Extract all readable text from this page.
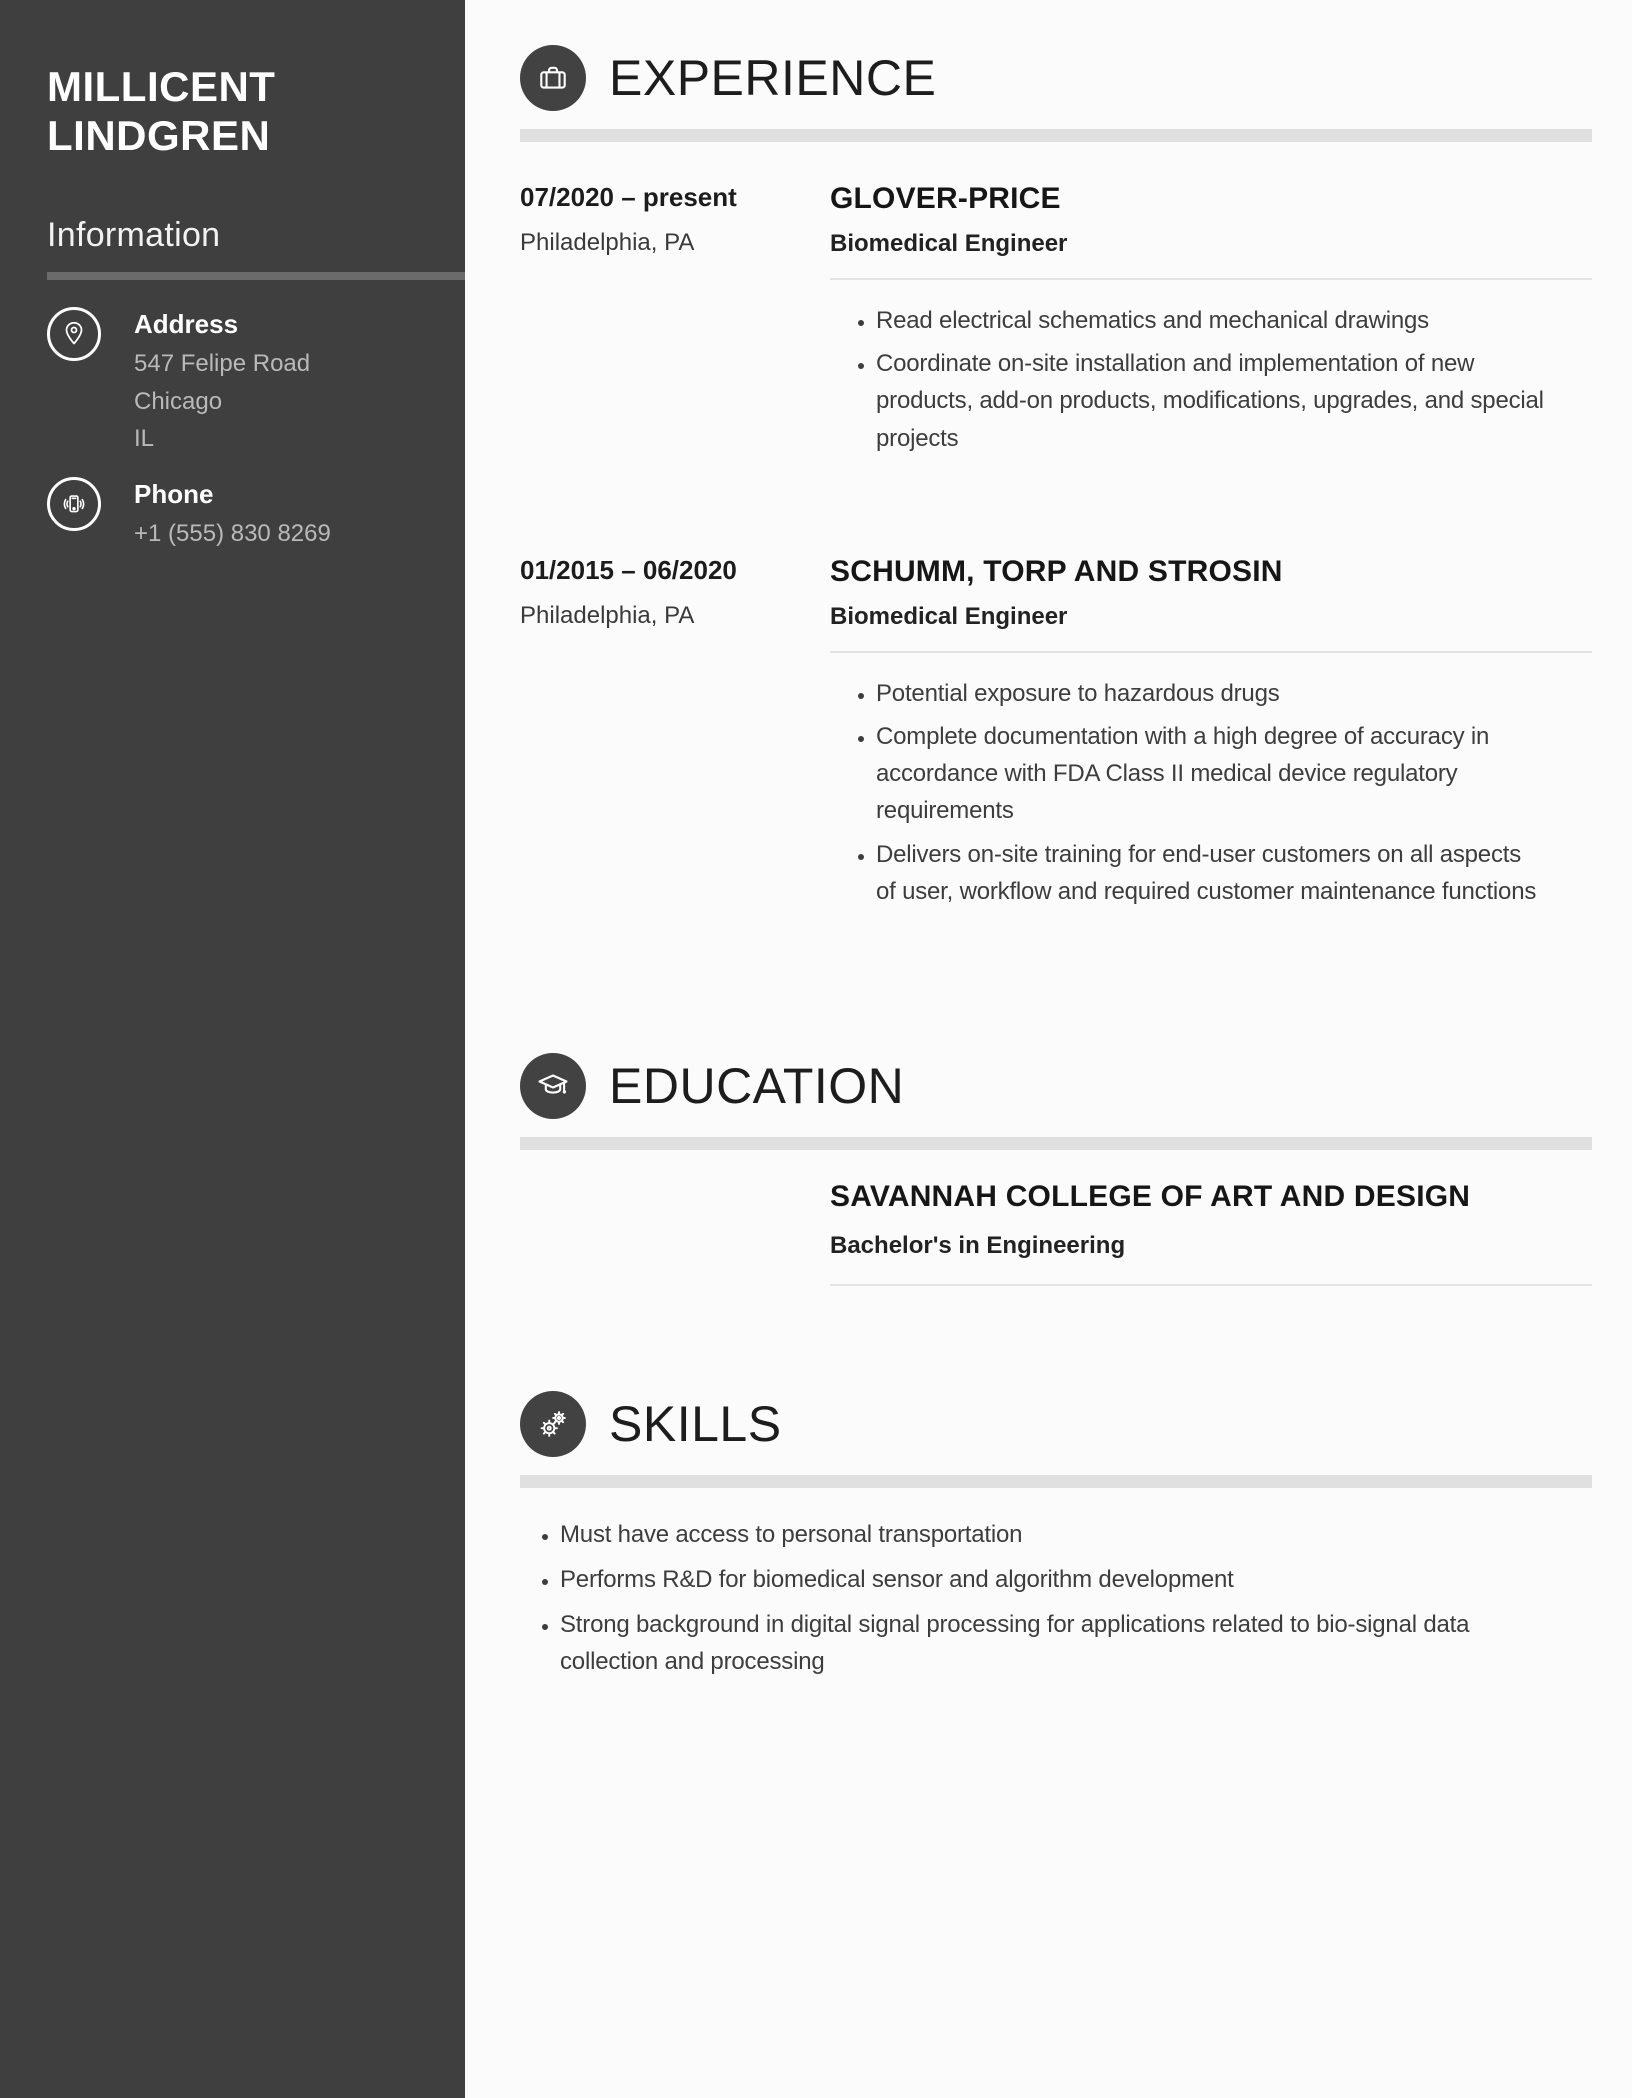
MILLICENT
LINDGREN
Information
Address
547 Felipe Road
Chicago
IL
Phone
+1 (555) 830 8269
EXPERIENCE
07/2020 – present
Philadelphia, PA
GLOVER-PRICE
Biomedical Engineer
• Read electrical schematics and mechanical drawings
• Coordinate on-site installation and implementation of new products, add-on products, modifications, upgrades, and special projects
01/2015 – 06/2020
Philadelphia, PA
SCHUMM, TORP AND STROSIN
Biomedical Engineer
• Potential exposure to hazardous drugs
• Complete documentation with a high degree of accuracy in accordance with FDA Class II medical device regulatory requirements
• Delivers on-site training for end-user customers on all aspects of user, workflow and required customer maintenance functions
EDUCATION
SAVANNAH COLLEGE OF ART AND DESIGN
Bachelor's in Engineering
SKILLS
• Must have access to personal transportation
• Performs R&D for biomedical sensor and algorithm development
• Strong background in digital signal processing for applications related to bio-signal data collection and processing
